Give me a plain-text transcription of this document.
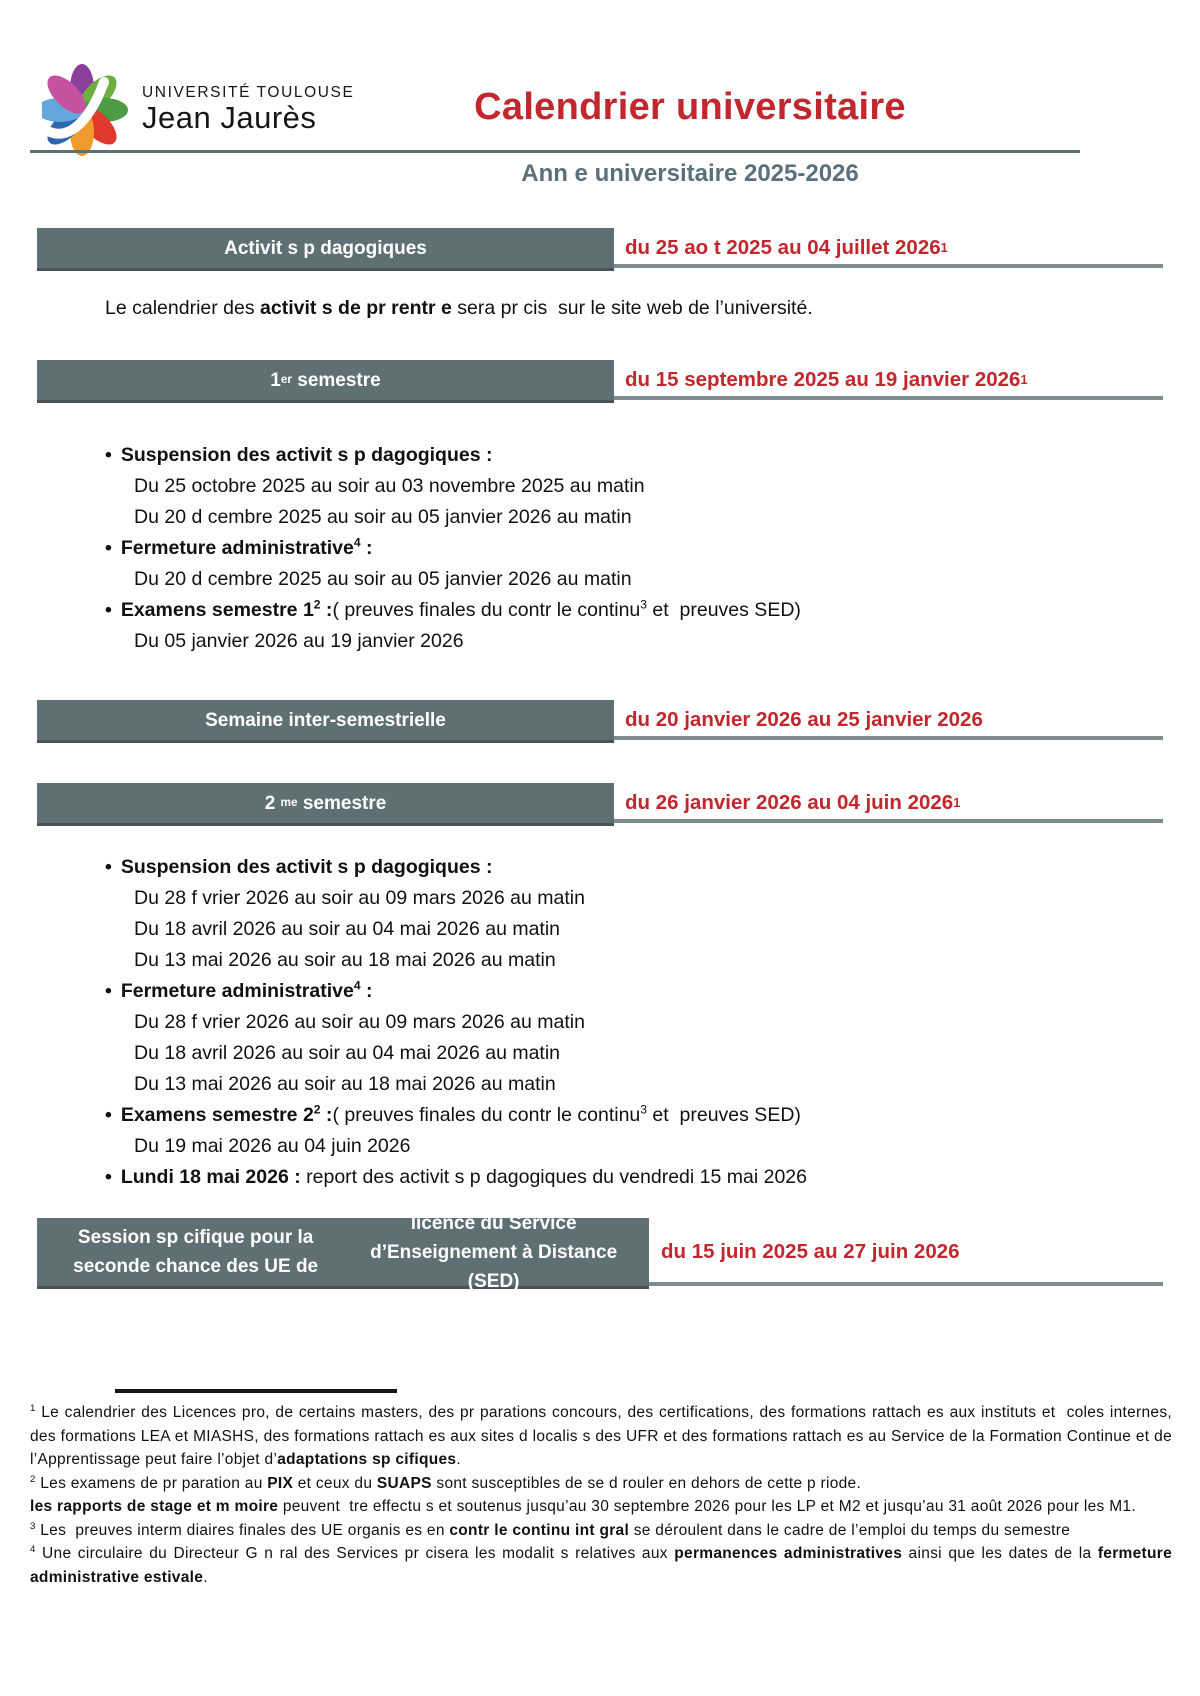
UNIVERSITÉ TOULOUSE
Jean Jaurès	Calendrier universitaire
Ann e universitaire 2025-2026
Activit s p dagogiques	du 25 ao t 2025 au 04 juillet 2026 1
Le calendrier des activit s de pr rentr e sera pr cis  sur le site web de l’université.
1 er semestre	du 15 septembre 2025 au 19 janvier 2026 1
• Suspension des activit s p dagogiques :
Du 25 octobre 2025 au soir au 03 novembre 2025 au matin
Du 20 d cembre 2025 au soir au 05 janvier 2026 au matin
• Fermeture administrative$^4$ :
Du 20 d cembre 2025 au soir au 05 janvier 2026 au matin
• Examens semestre $1^2$ :( preuves finales du contr le continu$^3$ et  preuves SED)
Du 05 janvier 2026 au 19 janvier 2026
Semaine inter-semestrielle	du 20 janvier 2026 au 25 janvier 2026
2 me semestre	du 26 janvier 2026 au 04 juin 2026 1
• Suspension des activit s p dagogiques :
Du 28 f vrier 2026 au soir au 09 mars 2026 au matin
Du 18 avril 2026 au soir au 04 mai 2026 au matin
Du 13 mai 2026 au soir au 18 mai 2026 au matin
• Fermeture administrative$^4$ :
Du 28 f vrier 2026 au soir au 09 mars 2026 au matin
Du 18 avril 2026 au soir au 04 mai 2026 au matin
Du 13 mai 2026 au soir au 18 mai 2026 au matin
• Examens semestre $2^2$ :( preuves finales du contr le continu$^3$ et  preuves SED)
Du 19 mai 2026 au 04 juin 2026
• Lundi 18 mai 2026 : report des activit s p dagogiques du vendredi 15 mai 2026
Session sp cifique pour la seconde chance des UE de

licence du Service d’Enseignement à Distance (SED)
du 15 juin 2025 au 27 juin 2026
$^1$ Le calendrier des Licences pro, de certains masters, des pr parations concours, des certifications, des formations rattach es aux instituts et  coles internes, des formations LEA et MIASHS, des formations rattach es aux sites d localis s des UFR et des formations rattach es au Service de la Formation Continue et de l’Apprentissage peut faire l’objet d’adaptations sp cifiques.
$^2$ Les examens de pr paration au PIX et ceux du SUAPS sont susceptibles de se d rouler en dehors de cette p riode.
les rapports de stage et m moire peuvent  tre effectu s et soutenus jusqu’au 30 septembre 2026 pour les LP et M2 et jusqu’au 31 août 2026 pour les M1.
$^3$ Les  preuves interm diaires finales des UE organis es en contr le continu int gral se déroulent dans le cadre de l’emploi du temps du semestre
$^4$ Une circulaire du Directeur G n ral des Services pr cisera les modalit s relatives aux permanences administratives ainsi que les dates de la fermeture administrative estivale.
